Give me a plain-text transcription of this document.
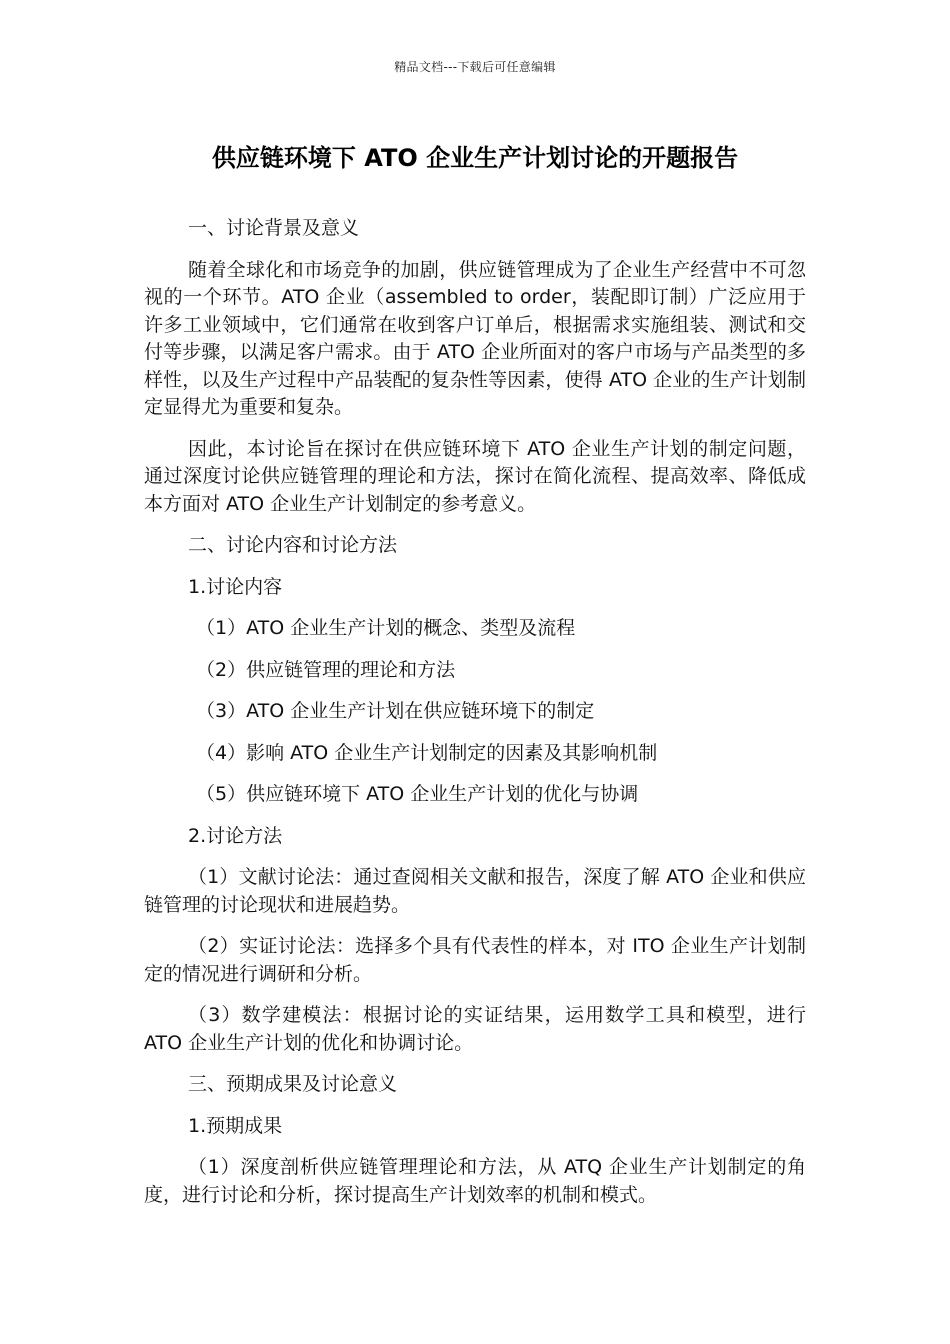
精品文档---下载后可任意编辑
供应链环境下 ATO 企业生产计划讨论的开题报告

一、讨论背景及意义

随着全球化和市场竞争的加剧，供应链管理成为了企业生产经营中不可忽视的一个环节。ATO 企业（assembled to order，装配即订制）广泛应用于许多工业领域中，它们通常在收到客户订单后，根据需求实施组装、测试和交付等步骤，以满足客户需求。由于 ATO 企业所面对的客户市场与产品类型的多样性，以及生产过程中产品装配的复杂性等因素，使得 ATO 企业的生产计划制定显得尤为重要和复杂。

因此，本讨论旨在探讨在供应链环境下 ATO 企业生产计划的制定问题，通过深度讨论供应链管理的理论和方法，探讨在简化流程、提高效率、降低成本方面对 ATO 企业生产计划制定的参考意义。

二、讨论内容和讨论方法

1.讨论内容

（1）ATO 企业生产计划的概念、类型及流程

（2）供应链管理的理论和方法

（3）ATO 企业生产计划在供应链环境下的制定

（4）影响 ATO 企业生产计划制定的因素及其影响机制

（5）供应链环境下 ATO 企业生产计划的优化与协调

2.讨论方法

（1）文献讨论法：通过查阅相关文献和报告，深度了解 ATO 企业和供应链管理的讨论现状和进展趋势。

（2）实证讨论法：选择多个具有代表性的样本，对 ITO 企业生产计划制定的情况进行调研和分析。

（3）数学建模法：根据讨论的实证结果，运用数学工具和模型，进行 ATO 企业生产计划的优化和协调讨论。

三、预期成果及讨论意义

1.预期成果

（1）深度剖析供应链管理理论和方法，从 ATQ 企业生产计划制定的角度，进行讨论和分析，探讨提高生产计划效率的机制和模式。
